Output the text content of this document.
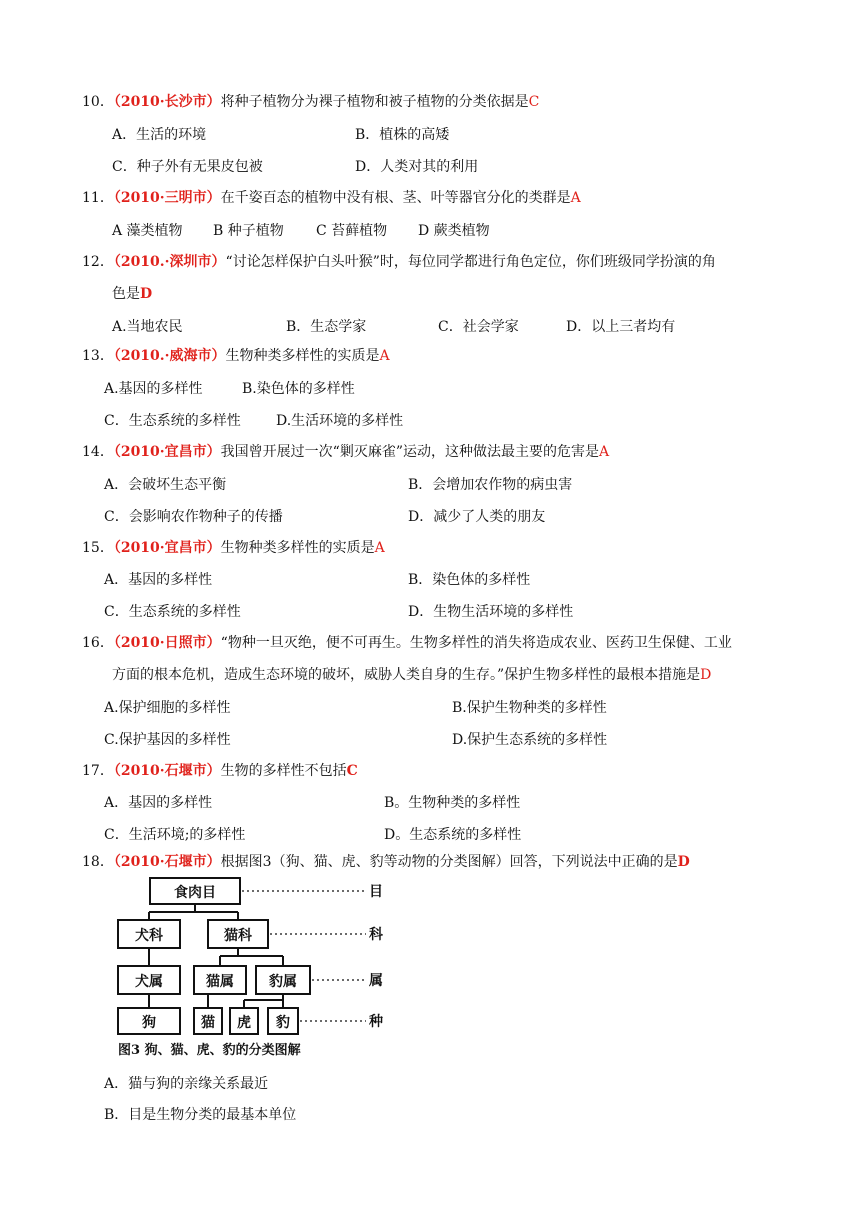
10．（2010·长沙市）将种子植物分为裸子植物和被子植物的分类依据是C
A．生活的环境	B．植株的高矮
C．种子外有无果皮包被	D．人类对其的利用
11．（2010·三明市）在千姿百态的植物中没有根、茎、叶等器官分化的类群是A
A 藻类植物 B 种子植物 C 苔藓植物 D 蕨类植物
12．（2010.·深圳市）“讨论怎样保护白头叶猴”时，每位同学都进行角色定位，你们班级同学扮演的角
色是D
A.当地农民	B．生态学家	C．社会学家	D．以上三者均有
13．（2010.·威海市）生物种类多样性的实质是A
A.基因的多样性	B.染色体的多样性
C．生态系统的多样性	D.生活环境的多样性
14．（2010·宜昌市）我国曾开展过一次“剿灭麻雀”运动，这种做法最主要的危害是A
A．会破坏生态平衡	B．会增加农作物的病虫害
C．会影响农作物种子的传播	D．减少了人类的朋友
15．（2010·宜昌市）生物种类多样性的实质是A
A．基因的多样性	B．染色体的多样性
C．生态系统的多样性	D．生物生活环境的多样性
16．（2010·日照市）“物种一旦灭绝，便不可再生。生物多样性的消失将造成农业、医药卫生保健、工业
方面的根本危机，造成生态环境的破坏，威胁人类自身的生存。”保护生物多样性的最根本措施是D
A.保护细胞的多样性	B.保护生物种类的多样性
C.保护基因的多样性	D.保护生态系统的多样性
17．（2010·石堰市）生物的多样性不包括C
A．基因的多样性	B。生物种类的多样性
C．生活环境;的多样性	D。生态系统的多样性
18．（2010·石堰市）根据图3（狗、猫、虎、豹等动物的分类图解）回答，下列说法中正确的是D
食肉目
犬科	猫科
犬属	猫属	豹属
狗	猫 虎 豹
目
科
属
种
图3 狗、猫、虎、豹的分类图解
A．猫与狗的亲缘关系最近
B．目是生物分类的最基本单位
